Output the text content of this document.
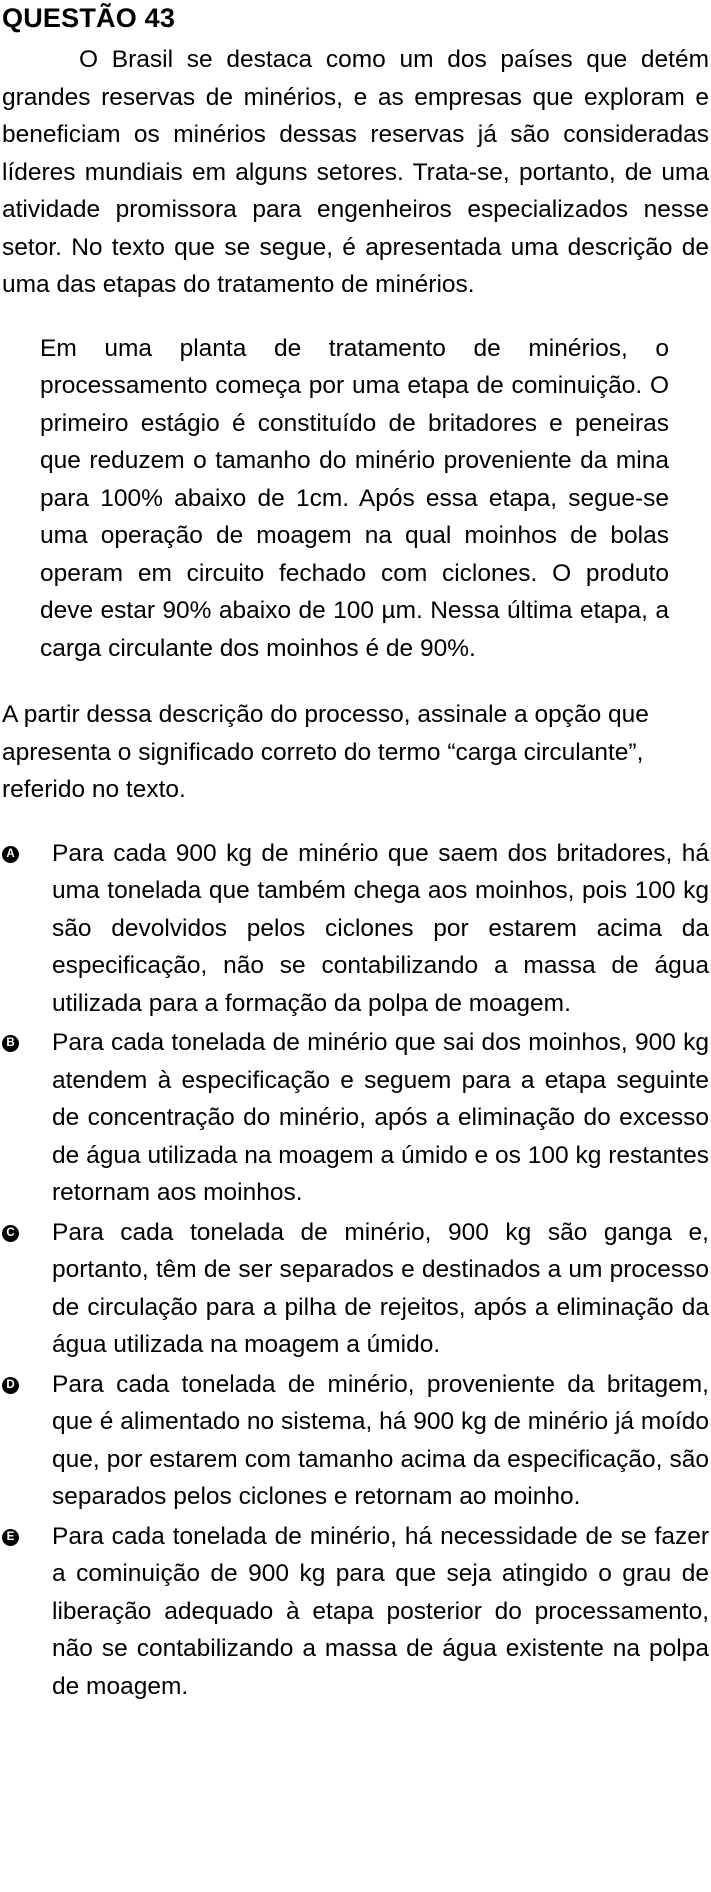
QUESTÃO 43

O Brasil se destaca como um dos países que detém grandes reservas de minérios, e as empresas que exploram e beneficiam os minérios dessas reservas já são consideradas líderes mundiais em alguns setores. Trata-se, portanto, de uma atividade promissora para engenheiros especializados nesse setor. No texto que se segue, é apresentada uma descrição de uma das etapas do tratamento de minérios.

Em uma planta de tratamento de minérios, o processamento começa por uma etapa de cominuição. O primeiro estágio é constituído de britadores e peneiras que reduzem o tamanho do minério proveniente da mina para 100% abaixo de 1cm. Após essa etapa, segue-se uma operação de moagem na qual moinhos de bolas operam em circuito fechado com ciclones. O produto deve estar 90% abaixo de 100 µm. Nessa última etapa, a carga circulante dos moinhos é de 90%.

A partir dessa descrição do processo, assinale a opção que apresenta o significado correto do termo “carga circulante”, referido no texto.

A Para cada 900 kg de minério que saem dos britadores, há uma tonelada que também chega aos moinhos, pois 100 kg são devolvidos pelos ciclones por estarem acima da especificação, não se contabilizando a massa de água utilizada para a formação da polpa de moagem.

B Para cada tonelada de minério que sai dos moinhos, 900 kg atendem à especificação e seguem para a etapa seguinte de concentração do minério, após a eliminação do excesso de água utilizada na moagem a úmido e os 100 kg restantes retornam aos moinhos.

C Para cada tonelada de minério, 900 kg são ganga e, portanto, têm de ser separados e destinados a um processo de circulação para a pilha de rejeitos, após a eliminação da água utilizada na moagem a úmido.

D Para cada tonelada de minério, proveniente da britagem, que é alimentado no sistema, há 900 kg de minério já moído que, por estarem com tamanho acima da especificação, são separados pelos ciclones e retornam ao moinho.

E Para cada tonelada de minério, há necessidade de se fazer a cominuição de 900 kg para que seja atingido o grau de liberação adequado à etapa posterior do processamento, não se contabilizando a massa de água existente na polpa de moagem.
